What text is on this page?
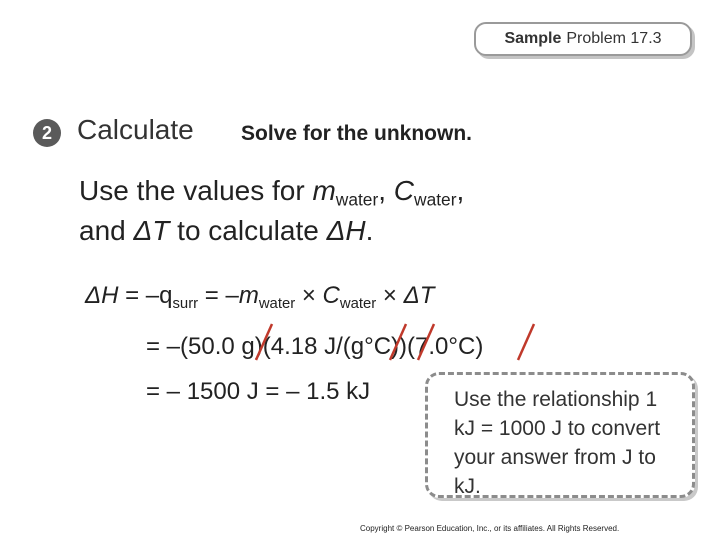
Sample Problem 17.3
2 Calculate Solve for the unknown.
Use the values for $m_{water}$, $C_{water}$,
and ΔT to calculate ΔH.
$\Delta H = -q_{surr} = -m_{water} \times C_{water} \times \Delta T$
= –(50.0 g)(4.18 J/(g°C))(7.0°C)
= – 1500 J = – 1.5 kJ	Use the relationship 1 kJ = 1000 J to convert your answer from J to kJ.
Copyright © Pearson Education, Inc., or its affiliates. All Rights Reserved.
